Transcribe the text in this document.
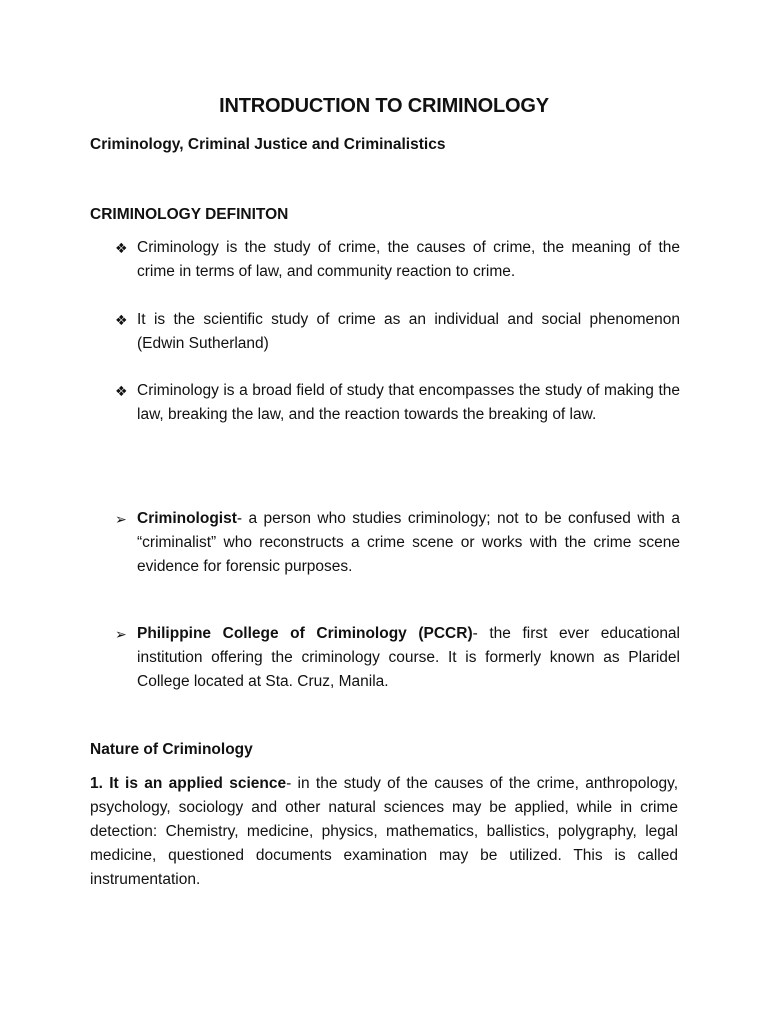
INTRODUCTION TO CRIMINOLOGY
Criminology, Criminal Justice and Criminalistics
CRIMINOLOGY DEFINITON
❖ Criminology is the study of crime, the causes of crime, the meaning of the crime in terms of law, and community reaction to crime.
❖ It is the scientific study of crime as an individual and social phenomenon (Edwin Sutherland)
❖ Criminology is a broad field of study that encompasses the study of making the law, breaking the law, and the reaction towards the breaking of law.
➢ Criminologist- a person who studies criminology; not to be confused with a “criminalist” who reconstructs a crime scene or works with the crime scene evidence for forensic purposes.
➢ Philippine College of Criminology (PCCR)- the first ever educational institution offering the criminology course. It is formerly known as Plaridel College located at Sta. Cruz, Manila.
Nature of Criminology
1. It is an applied science- in the study of the causes of the crime, anthropology, psychology, sociology and other natural sciences may be applied, while in crime detection: Chemistry, medicine, physics, mathematics, ballistics, polygraphy, legal medicine, questioned documents examination may be utilized. This is called instrumentation.
